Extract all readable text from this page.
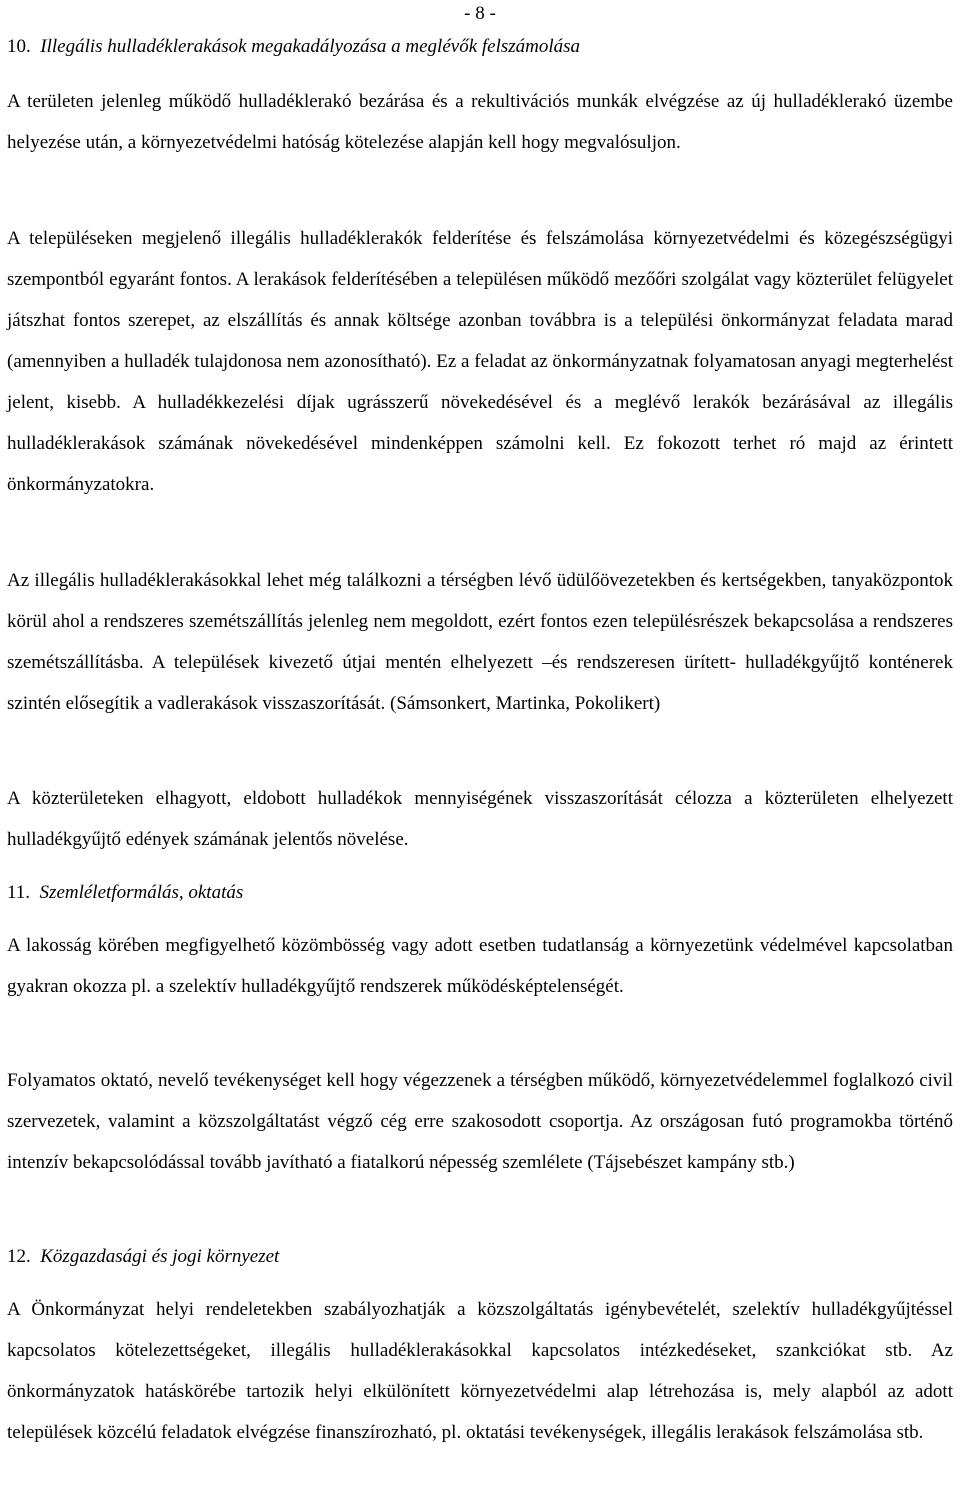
- 8 -
10. Illegális hulladéklerakások megakadályozása a meglévők felszámolása

A területen jelenleg működő hulladéklerakó bezárása és a rekultivációs munkák elvégzése az új hulladéklerakó üzembe helyezése után, a környezetvédelmi hatóság kötelezése alapján kell hogy megvalósuljon.

A településeken megjelenő illegális hulladéklerakók felderítése és felszámolása környezetvédelmi és közegészségügyi szempontból egyaránt fontos. A lerakások felderítésében a településen működő mezőőri szolgálat vagy közterület felügyelet játszhat fontos szerepet, az elszállítás és annak költsége azonban továbbra is a települési önkormányzat feladata marad (amennyiben a hulladék tulajdonosa nem azonosítható). Ez a feladat az önkormányzatnak folyamatosan anyagi megterhelést jelent, kisebb. A hulladékkezelési díjak ugrásszerű növekedésével és a meglévő lerakók bezárásával az illegális hulladéklerakások számának növekedésével mindenképpen számolni kell. Ez fokozott terhet ró majd az érintett önkormányzatokra.

Az illegális hulladéklerakásokkal lehet még találkozni a térségben lévő üdülőövezetekben és kertségekben, tanyaközpontok körül ahol a rendszeres szemétszállítás jelenleg nem megoldott, ezért fontos ezen településrészek bekapcsolása a rendszeres szemétszállításba. A települések kivezető útjai mentén elhelyezett –és rendszeresen ürített- hulladékgyűjtő konténerek szintén elősegítik a vadlerakások visszaszorítását. (Sámsonkert, Martinka, Pokolikert)

A közterületeken elhagyott, eldobott hulladékok mennyiségének visszaszorítását célozza a közterületen elhelyezett hulladékgyűjtő edények számának jelentős növelése.

11. Szemléletformálás, oktatás

A lakosság körében megfigyelhető közömbösség vagy adott esetben tudatlanság a környezetünk védelmével kapcsolatban gyakran okozza pl. a szelektív hulladékgyűjtő rendszerek működésképtelenségét.

Folyamatos oktató, nevelő tevékenységet kell hogy végezzenek a térségben működő, környezetvédelemmel foglalkozó civil szervezetek, valamint a közszolgáltatást végző cég erre szakosodott csoportja. Az országosan futó programokba történő intenzív bekapcsolódással tovább javítható a fiatalkorú népesség szemlélete (Tájsebészet kampány stb.)

12. Közgazdasági és jogi környezet

A Önkormányzat helyi rendeletekben szabályozhatják a közszolgáltatás igénybevételét, szelektív hulladékgyűjtéssel kapcsolatos kötelezettségeket, illegális hulladéklerakásokkal kapcsolatos intézkedéseket, szankciókat stb. Az önkormányzatok hatáskörébe tartozik helyi elkülönített környezetvédelmi alap létrehozása is, mely alapból az adott települések közcélú feladatok elvégzése finanszírozható, pl. oktatási tevékenységek, illegális lerakások felszámolása stb.
